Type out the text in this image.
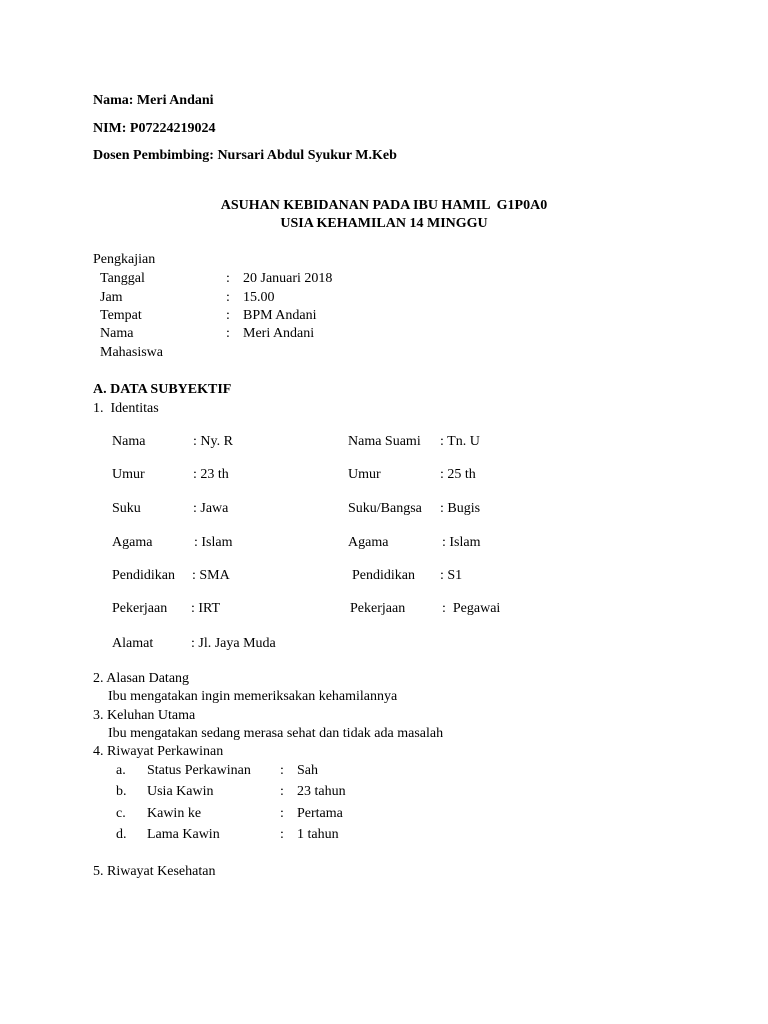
Nama: Meri Andani
NIM: P07224219024
Dosen Pembimbing: Nursari Abdul Syukur M.Keb
ASUHAN KEBIDANAN PADA IBU HAMIL  G1P0A0
USIA KEHAMILAN 14 MINGGU
Pengkajian
Tanggal	: 20 Januari 2018
Jam	: 15.00
Tempat	: BPM Andani
Nama	: Meri Andani
Mahasiswa
A. DATA SUBYEKTIF
1.  Identitas
Nama	: Ny. R	Nama Suami : Tn. U
Umur	: 23 th	Umur	: 25 th
Suku	: Jawa	Suku/Bangsa : Bugis
Agama	: Islam	Agama	: Islam
Pendidikan : SMA	Pendidikan : S1
Pekerjaan : IRT	Pekerjaan	:  Pegawai
Alamat	: Jl. Jaya Muda
2. Alasan Datang
Ibu mengatakan ingin memeriksakan kehamilannya
3. Keluhan Utama
Ibu mengatakan sedang merasa sehat dan tidak ada masalah
4. Riwayat Perkawinan
a. Status Perkawinan : Sah
b. Usia Kawin	: 23 tahun
c. Kawin ke	: Pertama
d. Lama Kawin	: 1 tahun
5. Riwayat Kesehatan
